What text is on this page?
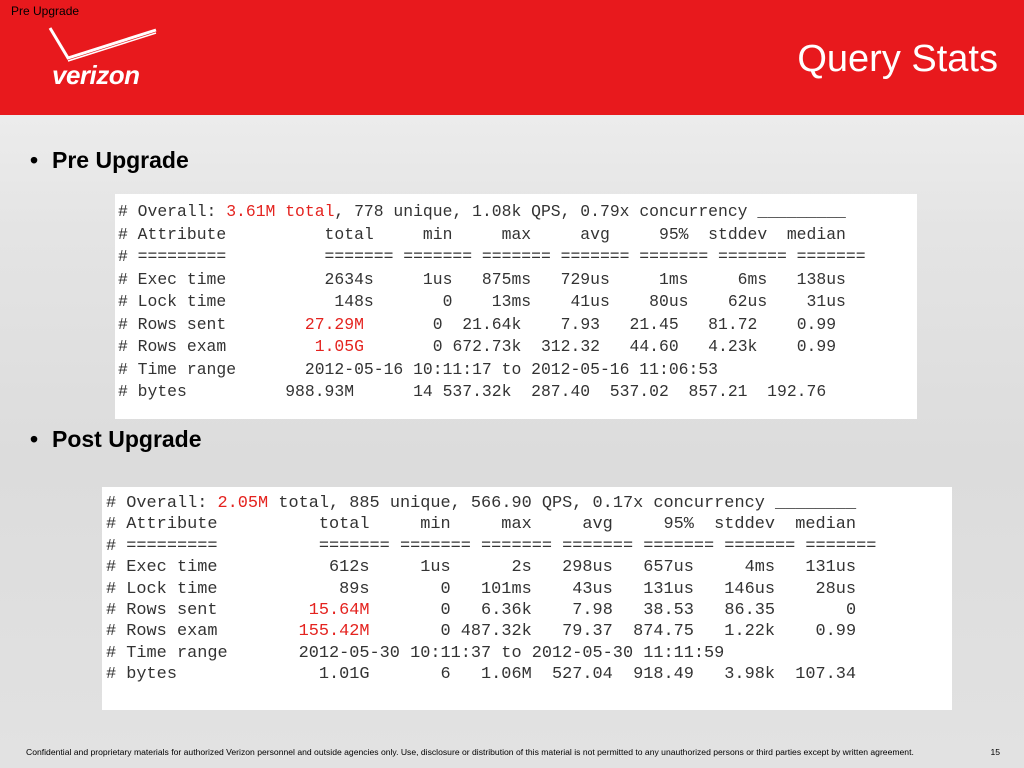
Pre Upgrade
verizon	Query Stats
• Pre Upgrade
# Overall: 3.61M total, 778 unique, 1.08k QPS, 0.79x concurrency _________
# Attribute          total     min     max     avg     95%  stddev  median
# =========          ======= ======= ======= ======= ======= ======= =======
# Exec time          2634s     1us   875ms   729us     1ms     6ms   138us
# Lock time           148s       0    13ms    41us    80us    62us    31us
# Rows sent        27.29M       0  21.64k    7.93   21.45   81.72    0.99
# Rows exam         1.05G       0 672.73k  312.32   44.60   4.23k    0.99
# Time range       2012-05-16 10:11:17 to 2012-05-16 11:06:53
# bytes          988.93M      14 537.32k  287.40  537.02  857.21  192.76
• Post Upgrade
# Overall: 2.05M total, 885 unique, 566.90 QPS, 0.17x concurrency ________
# Attribute          total     min     max     avg     95%  stddev  median
# =========          ======= ======= ======= ======= ======= ======= =======
# Exec time           612s     1us      2s   298us   657us     4ms   131us
# Lock time            89s       0   101ms    43us   131us   146us    28us
# Rows sent         15.64M       0   6.36k    7.98   38.53   86.35       0
# Rows exam        155.42M       0 487.32k   79.37  874.75   1.22k    0.99
# Time range       2012-05-30 10:11:37 to 2012-05-30 11:11:59
# bytes              1.01G       6   1.06M  527.04  918.49   3.98k  107.34
Confidential and proprietary materials for authorized Verizon personnel and outside agencies only. Use, disclosure or distribution of this material is not permitted to any unauthorized persons or third parties except by written agreement.	15
